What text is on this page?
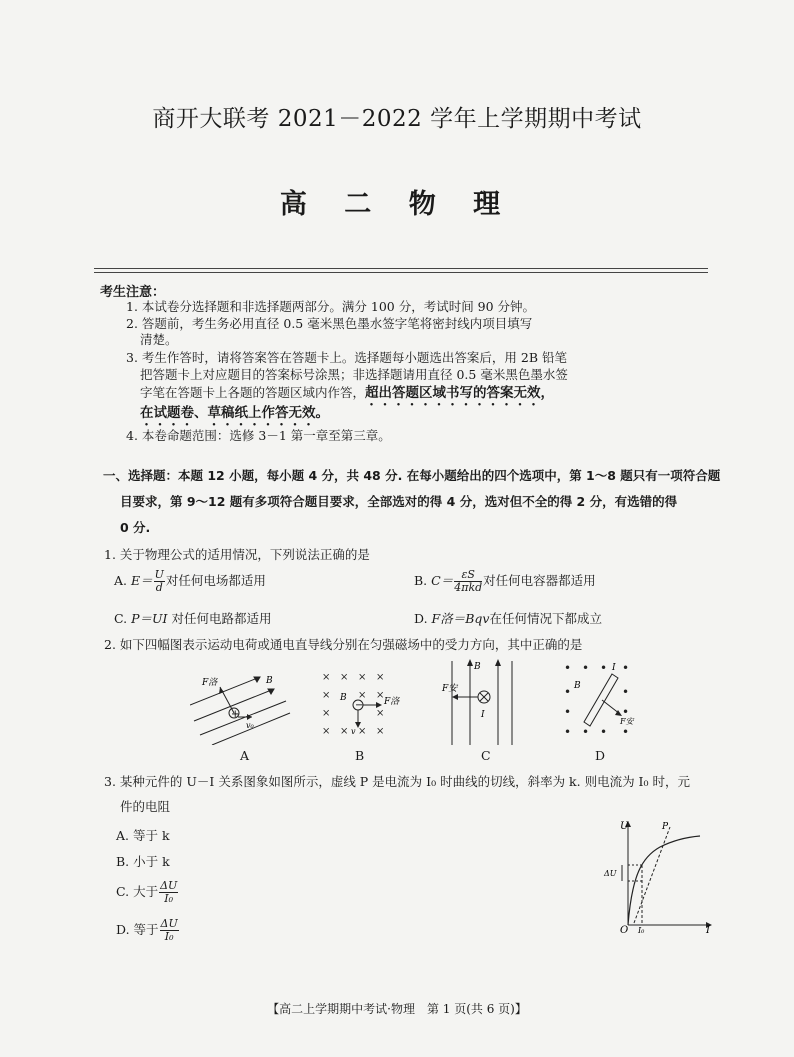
商开大联考 2021－2022 学年上学期期中考试
高 二 物 理
考生注意：
1. 本试卷分选择题和非选择题两部分。满分 100 分，考试时间 90 分钟。
2. 答题前，考生务必用直径 0.5 毫米黑色墨水签字笔将密封线内项目填写
清楚。
3. 考生作答时，请将答案答在答题卡上。选择题每小题选出答案后，用 2B 铅笔
把答题卡上对应题目的答案标号涂黑；非选择题请用直径 0.5 毫米黑色墨水签
字笔在答题卡上各题的答题区域内作答，超出答题区域书写的答案无效，
在试题卷、草稿纸上作答无效。
4. 本卷命题范围：选修 3－1 第一章至第三章。
一、选择题：本题 12 小题，每小题 4 分，共 48 分. 在每小题给出的四个选项中，第 1～8 题只有一项符合题
目要求，第 9～12 题有多项符合题目要求，全部选对的得 4 分，选对但不全的得 2 分，有选错的得
0 分.
1. 关于物理公式的适用情况，下列说法正确的是
A. $E= \frac{U}{d}$ 对任何电场都适用	B. $C= \frac{\varepsilon S}{\text{4πkd}}$ 对任何电容器都适用
C. P＝UI 对任何电路都适用	D. F洛＝Bqv在任何情况下都成立
2. 如下四幅图表示运动电荷或通电直导线分别在匀强磁场中的受力方向，其中正确的是
+
F洛	B
v₀
A
× × × ×
×	× ×
×	×
× × × ×
−
B	F洛
v
B
B
F安
I
C
• • • •
•	•
•	•
• • • •
I
B
F安
D
3. 某种元件的 U－I 关系图象如图所示，虚线 P 是电流为 I₀ 时曲线的切线，斜率为 k. 则电流为 I₀ 时，元
件的电阻
A. 等于 k
B. 小于 k
C. 大于 $\frac{\Delta U}{\text{I₀}}$
D. 等于 $\frac{\Delta U}{\text{I₀}}$
U
I
O
P
ΔU
I₀
【高二上学期期中考试·物理　第 1 页(共 6 页)】
